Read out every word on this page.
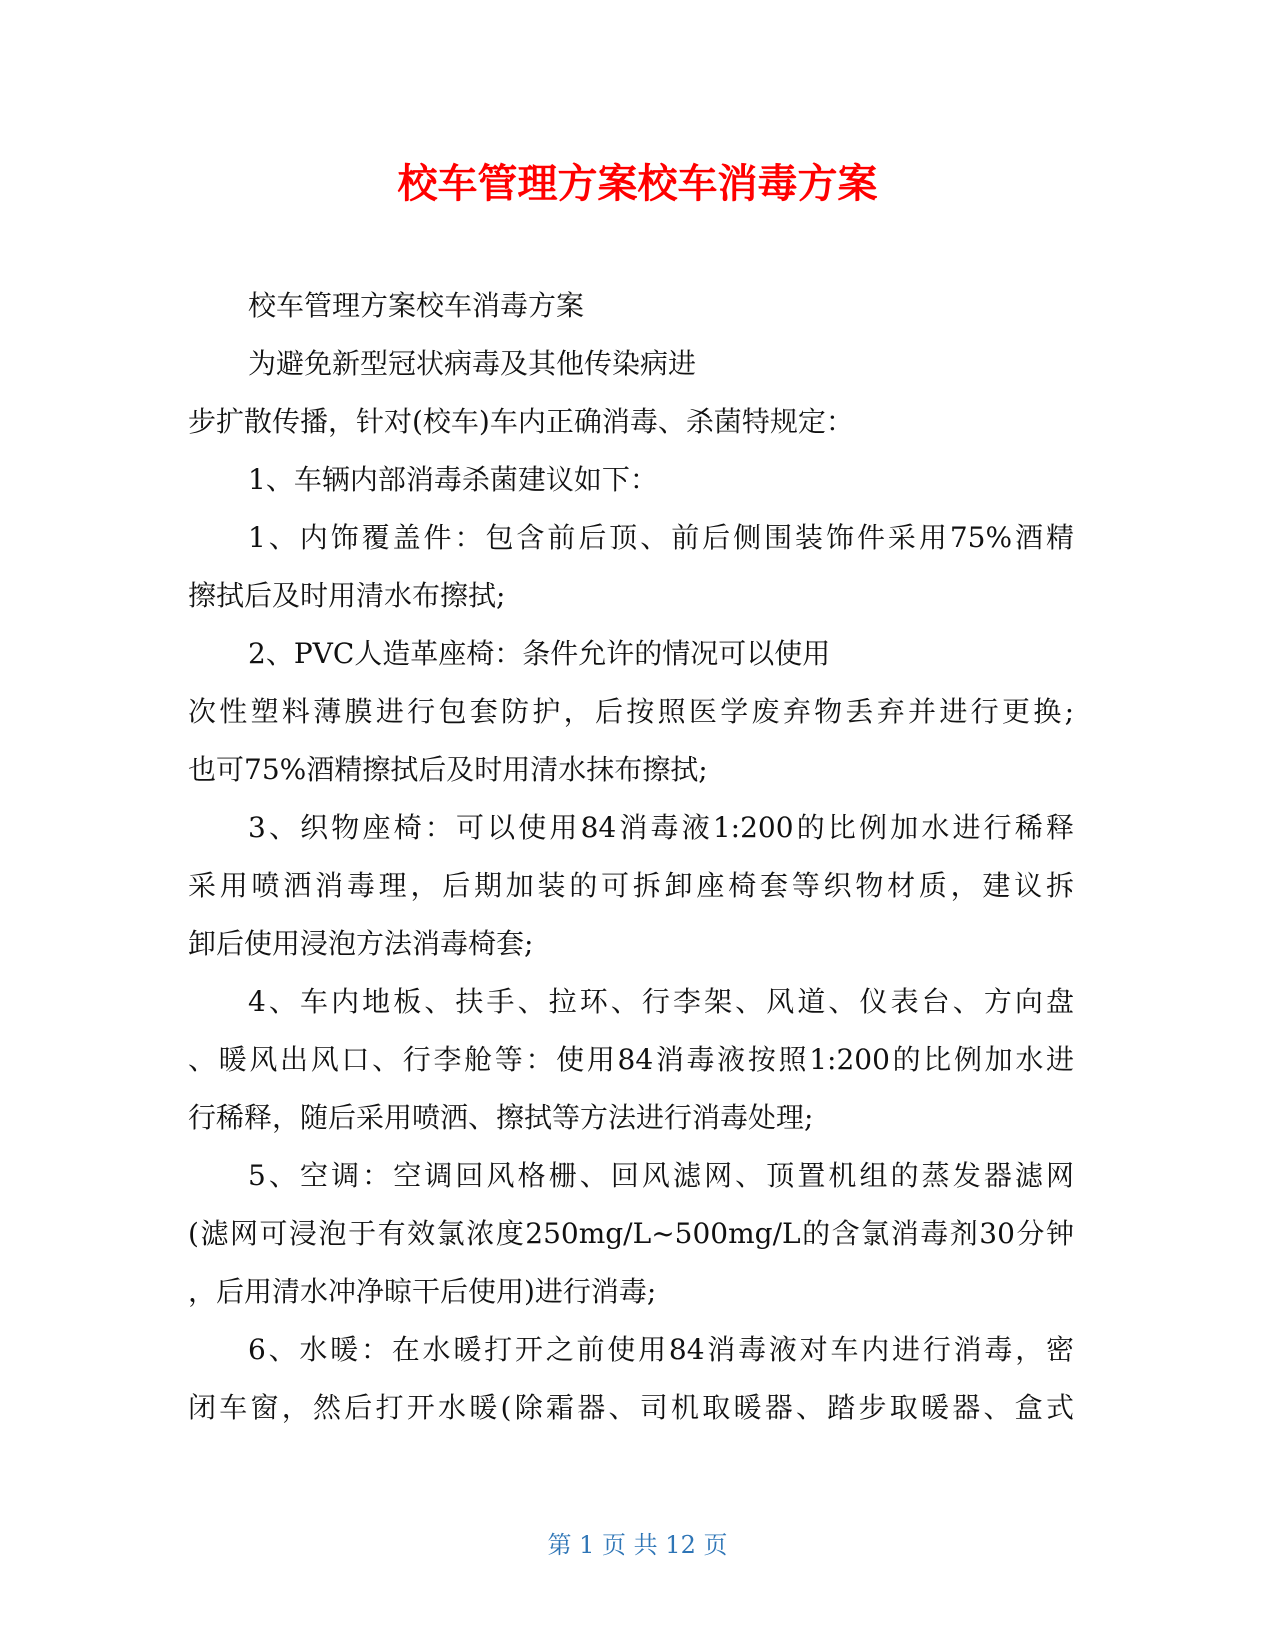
校车管理方案校车消毒方案

校车管理方案校车消毒方案

为避免新型冠状病毒及其他传染病进

步扩散传播，针对(校车)车内正确消毒、杀菌特规定：

1、车辆内部消毒杀菌建议如下：

1、内饰覆盖件：包含前后顶、前后侧围装饰件采用75%酒精

擦拭后及时用清水布擦拭;

2、PVC人造革座椅：条件允许的情况可以使用

次性塑料薄膜进行包套防护，后按照医学废弃物丢弃并进行更换;

也可75%酒精擦拭后及时用清水抹布擦拭;

3、织物座椅：可以使用84消毒液1:200的比例加水进行稀释

采用喷洒消毒理，后期加装的可拆卸座椅套等织物材质，建议拆

卸后使用浸泡方法消毒椅套;

4、车内地板、扶手、拉环、行李架、风道、仪表台、方向盘

、暖风出风口、行李舱等：使用84消毒液按照1:200的比例加水进

行稀释，随后采用喷洒、擦拭等方法进行消毒处理;

5、空调：空调回风格栅、回风滤网、顶置机组的蒸发器滤网

(滤网可浸泡于有效氯浓度250mg/L~500mg/L的含氯消毒剂30分钟

，后用清水冲净晾干后使用)进行消毒;

6、水暖：在水暖打开之前使用84消毒液对车内进行消毒，密

闭车窗，然后打开水暖(除霜器、司机取暖器、踏步取暖器、盒式

第 1 页 共 12 页
